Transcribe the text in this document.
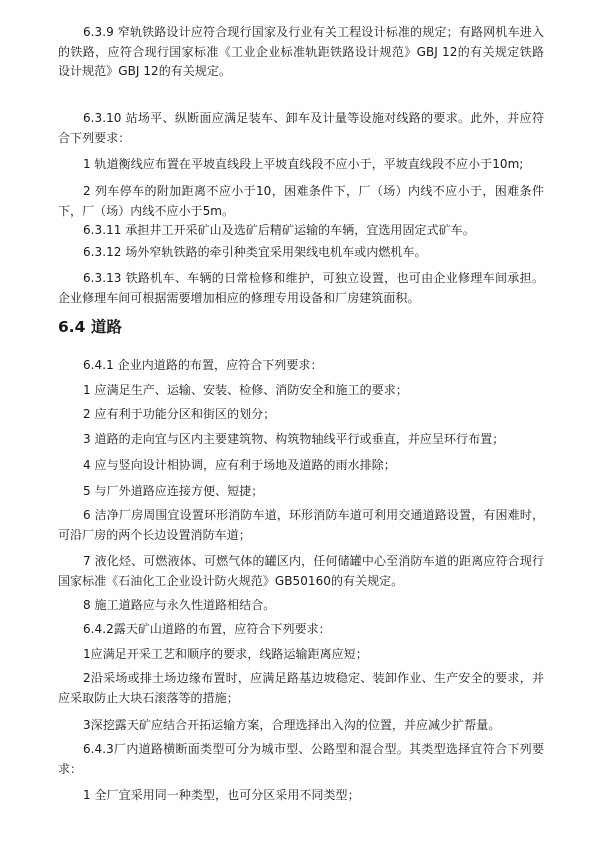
6.3.9 窄轨铁路设计应符合现行国家及行业有关工程设计标准的规定；有路网机车进入的铁路，应符合现行国家标准《工业企业标准轨距铁路设计规范》GBJ 12的有关规定铁路设计规范》GBJ 12的有关规定。

6.3.10 站场平、纵断面应满足装车、卸车及计量等设施对线路的要求。此外，并应符合下列要求：

1 轨道衡线应布置在平坡直线段上平坡直线段不应小于，平坡直线段不应小于10m;

2 列车停车的附加距离不应小于10，困难条件下，厂（场）内线不应小于，困难条件下，厂（场）内线不应小于5m。

6.3.11 承担井工开采矿山及选矿后精矿运输的车辆，宜选用固定式矿车。

6.3.12 场外窄轨铁路的牵引种类宜采用架线电机车或内燃机车。

6.3.13 铁路机车、车辆的日常检修和维护，可独立设置，也可由企业修理车间承担。企业修理车间可根据需要增加相应的修理专用设备和厂房建筑面积。

6.4 道路

6.4.1 企业内道路的布置，应符合下列要求：

1 应满足生产、运输、安装、检修、消防安全和施工的要求；

2 应有利于功能分区和街区的划分；

3 道路的走向宜与区内主要建筑物、构筑物轴线平行或垂直，并应呈环行布置；

4 应与竖向设计相协调，应有利于场地及道路的雨水排除；

5 与厂外道路应连接方便、短捷；

6 洁净厂房周围宜设置环形消防车道，环形消防车道可利用交通道路设置，有困难时，可沿厂房的两个长边设置消防车道；

7 液化烃、可燃液体、可燃气体的罐区内，任何储罐中心至消防车道的距离应符合现行国家标准《石油化工企业设计防火规范》GB50160的有关规定。

8 施工道路应与永久性道路相结合。

6.4.2露天矿山道路的布置，应符合下列要求：

1应满足开采工艺和顺序的要求，线路运输距离应短；

2沿采场或排土场边缘布置时，应满足路基边坡稳定、装卸作业、生产安全的要求，并应采取防止大块石滚落等的措施；

3深挖露天矿应结合开拓运输方案，合理选择出入沟的位置，并应减少扩帮量。

6.4.3厂内道路横断面类型可分为城市型、公路型和混合型。其类型选择宜符合下列要求：

1 全厂宜采用同一种类型，也可分区采用不同类型；
